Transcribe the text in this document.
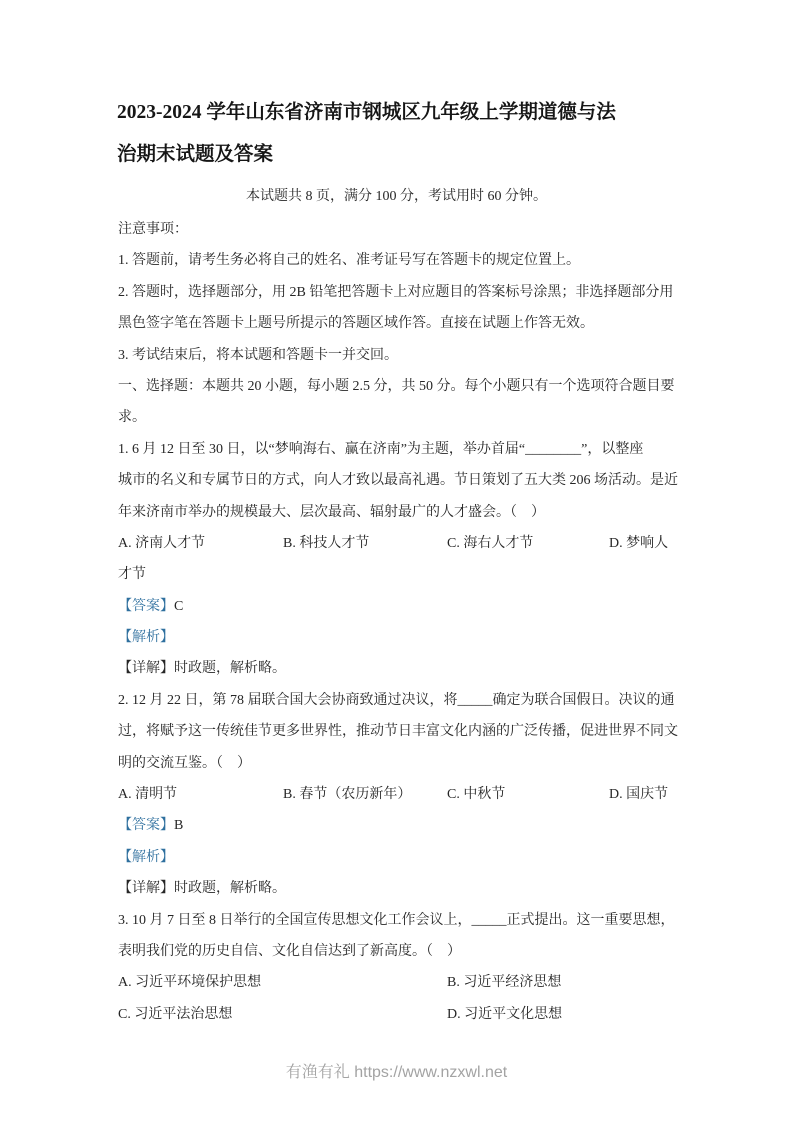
2023-2024 学年山东省济南市钢城区九年级上学期道德与法
治期末试题及答案
本试题共 8 页，满分 100 分，考试用时 60 分钟。
注意事项：
1. 答题前，请考生务必将自己的姓名、准考证号写在答题卡的规定位置上。
2. 答题时，选择题部分，用 2B 铅笔把答题卡上对应题目的答案标号涂黑；非选择题部分用
黑色签字笔在答题卡上题号所提示的答题区域作答。直接在试题上作答无效。
3. 考试结束后，将本试题和答题卡一并交回。
一、选择题：本题共 20 小题，每小题 2.5 分，共 50 分。每个小题只有一个选项符合题目要
求。
1. 6 月 12 日至 30 日，以“梦响海右、赢在济南”为主题，举办首届“________”，以整座
城市的名义和专属节日的方式，向人才致以最高礼遇。节日策划了五大类 206 场活动。是近
年来济南市举办的规模最大、层次最高、辐射最广的人才盛会。（　）
A. 济南人才节	B. 科技人才节	C. 海右人才节	D. 梦响人
才节
【答案】C
【解析】
【详解】时政题，解析略。
2. 12 月 22 日，第 78 届联合国大会协商致通过决议，将_____确定为联合国假日。决议的通
过，将赋予这一传统佳节更多世界性，推动节日丰富文化内涵的广泛传播，促进世界不同文
明的交流互鉴。（　）
A. 清明节	B. 春节（农历新年）	C. 中秋节	D. 国庆节
【答案】B
【解析】
【详解】时政题，解析略。
3. 10 月 7 日至 8 日举行的全国宣传思想文化工作会议上，_____正式提出。这一重要思想，
表明我们党的历史自信、文化自信达到了新高度。（　）
A. 习近平环境保护思想	B. 习近平经济思想
C. 习近平法治思想	D. 习近平文化思想
有渔有礼 https://www.nzxwl.net
